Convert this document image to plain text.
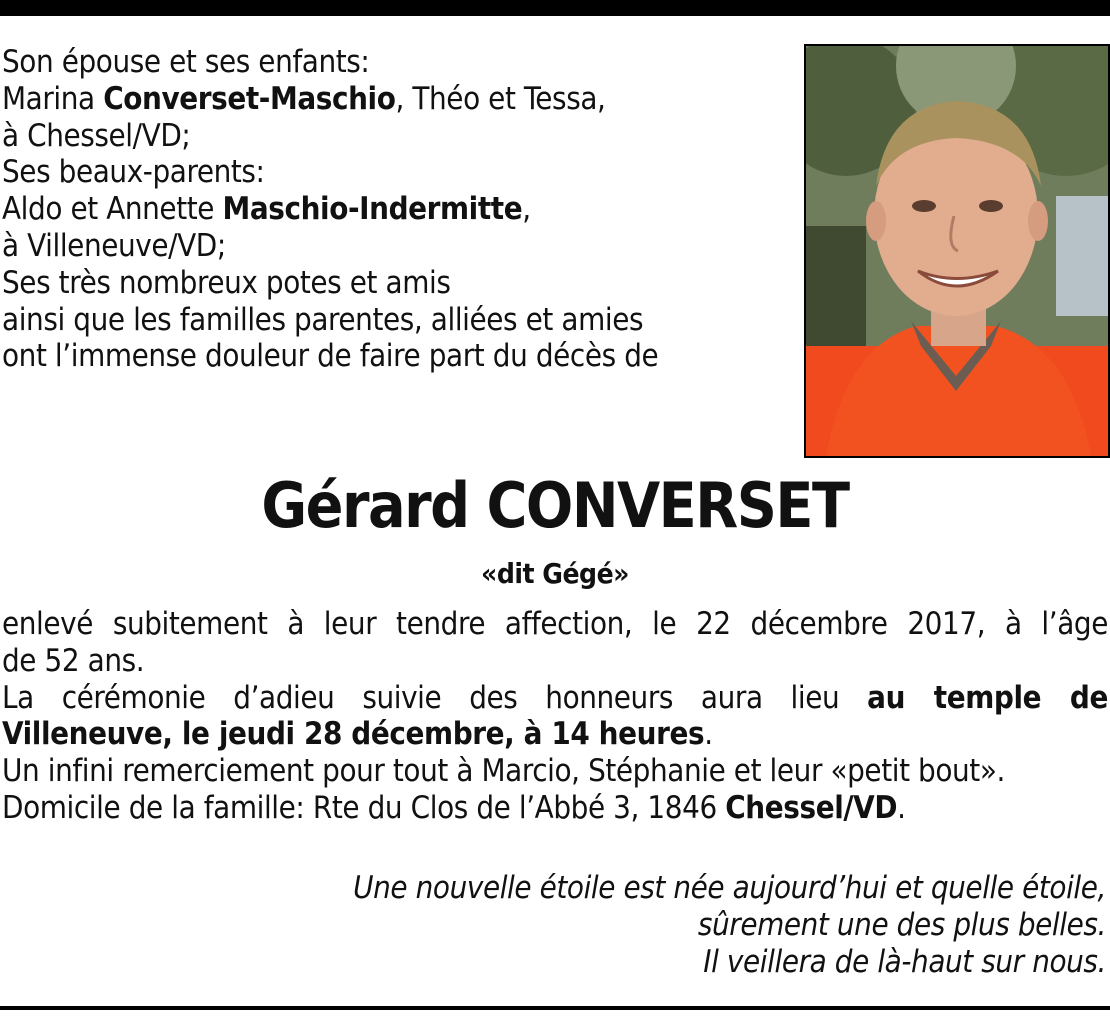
Son épouse et ses enfants:
Marina Converset-Maschio, Théo et Tessa,
à Chessel/VD;
Ses beaux-parents:
Aldo et Annette Maschio-Indermitte,
à Villeneuve/VD;
Ses très nombreux potes et amis
ainsi que les familles parentes, alliées et amies
ont l’immense douleur de faire part du décès de
Gérard CONVERSET
«dit Gégé»
enlevé subitement à leur tendre affection, le 22 décembre 2017, à l’âge
de 52 ans.
La cérémonie d’adieu suivie des honneurs aura lieu au temple de
Villeneuve, le jeudi 28 décembre, à 14 heures.
Un infini remerciement pour tout à Marcio, Stéphanie et leur «petit bout».
Domicile de la famille: Rte du Clos de l’Abbé 3, 1846 Chessel/VD.
Une nouvelle étoile est née aujourd’hui et quelle étoile,
sûrement une des plus belles.
Il veillera de là-haut sur nous.
